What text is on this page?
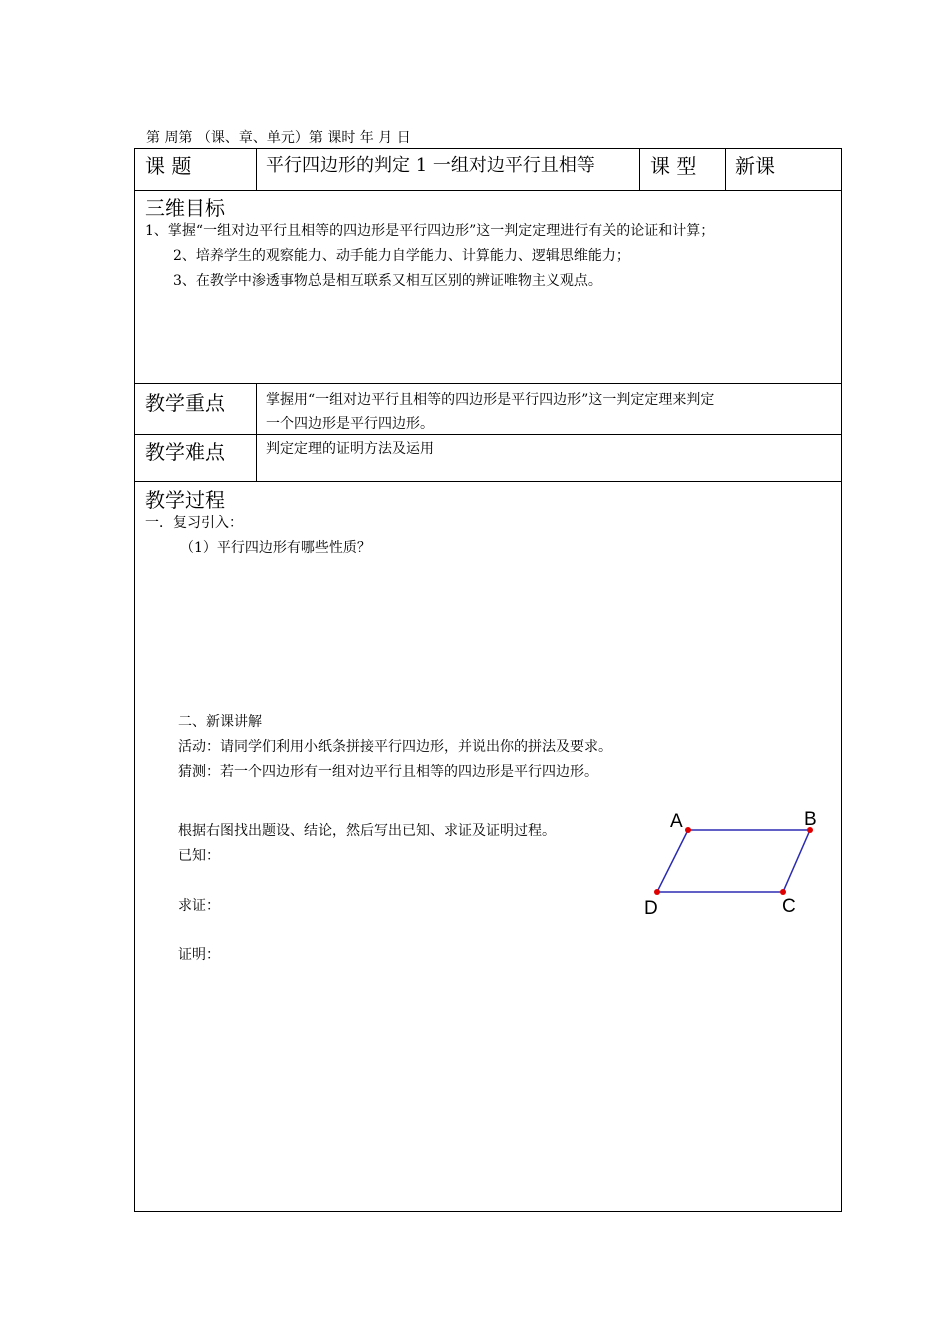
第 周第 （课、章、单元）第 课时 年 月 日
课 题	平行四边形的判定 1 一组对边平行且相等	课 型 新课
三维目标
1、掌握“一组对边平行且相等的四边形是平行四边形”这一判定定理进行有关的论证和计算；
2、培养学生的观察能力、动手能力自学能力、计算能力、逻辑思维能力；
3、在教学中渗透事物总是相互联系又相互区别的辨证唯物主义观点。
教学重点	掌握用“一组对边平行且相等的四边形是平行四边形”这一判定定理来判定
一个四边形是平行四边形。
教学难点	判定定理的证明方法及运用
教学过程
一．复习引入：
（1）平行四边形有哪些性质？
二、新课讲解
活动：请同学们利用小纸条拼接平行四边形，并说出你的拼法及要求。
猜测：若一个四边形有一组对边平行且相等的四边形是平行四边形。
根据右图找出题设、结论，然后写出已知、求证及证明过程。
已知：
求证：
证明：
A	B
C
D
